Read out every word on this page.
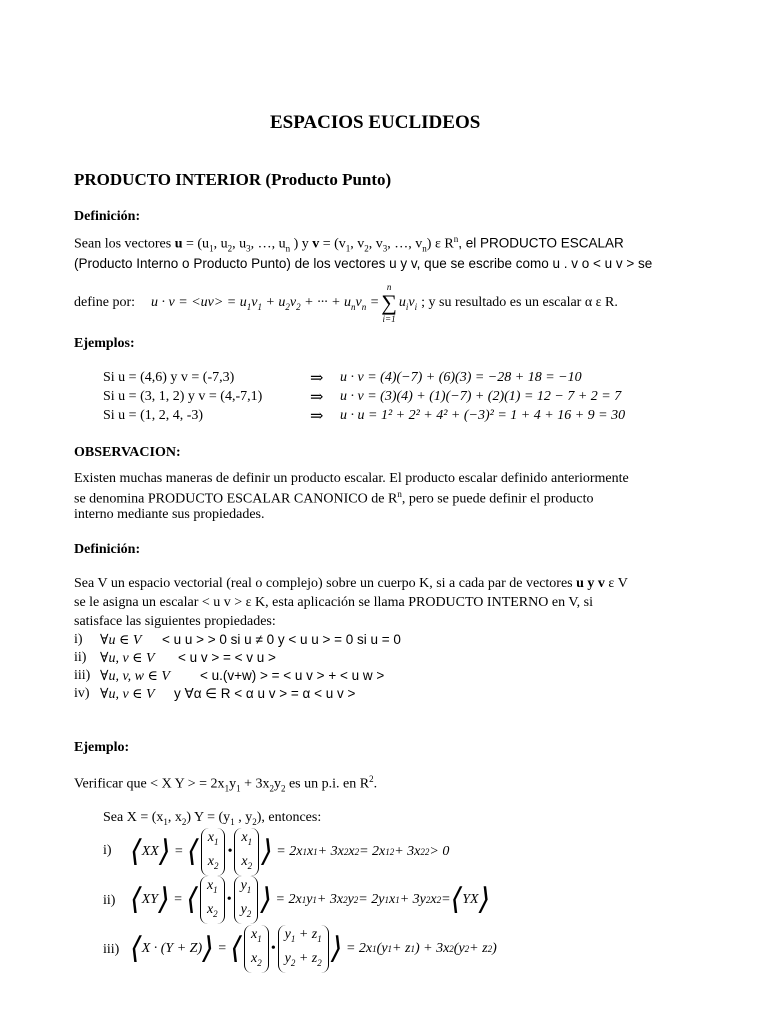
ESPACIOS EUCLIDEOS
PRODUCTO INTERIOR (Producto Punto)
Definición:
Sean los vectores $u = (u_1$, $u_2$, $u_3$, …, $u_n$ ) y $v = (v_1$, $v_2$, $v_3$, …, $v_n$) ε $R^n$, el PRODUCTO ESCALAR
(Producto Interno o Producto Punto) de los vectores u y v, que se escribe como u . v o < u v > se
define por: $u \cdot v = <uv> = u_1v_1 + u_2v_2$ + ··· + $u_nv_n$ =
n
∑
i=1
$u_iv_i$ ; y su resultado es un escalar α ε R.
Ejemplos:
Si u = (4,6) y v = (-7,3)	⇒ u · v = (4)(−7) + (6)(3) = −28 + 18 = −10
Si u = (3, 1, 2) y v = (4,-7,1)	⇒ u · v = (3)(4) + (1)(−7) + (2)(1) = 12 − 7 + 2 = 7
Si u = (1, 2, 4, -3)	⇒ u · u = 1² + 2² + 4² + (−3)² = 1 + 4 + 16 + 9 = 30
OBSERVACION:
Existen muchas maneras de definir un producto escalar. El producto escalar definido anteriormente
se denomina PRODUCTO ESCALAR CANONICO de $R^n$, pero se puede definir el producto
interno mediante sus propiedades.
Definición:
Sea V un espacio vectorial (real o complejo) sobre un cuerpo K, si a cada par de vectores u y v ε V
se le asigna un escalar < u v > ε K, esta aplicación se llama PRODUCTO INTERNO en V, si
satisface las siguientes propiedades:
i) ∀u ∈ V < u u > > 0 si u ≠ 0 y < u u > = 0 si u = 0
ii) ∀u, v ∈ V < u v > = < v u >
iii) ∀u, v, w ∈ V < u.(v+w) > = < u v > + < u w >
iv) ∀u, v ∈ V y ∀α ∈ R < α u v > = α < u v >
Ejemplo:
Verificar que < X Y > = $2x_1y_1 + 3x_2y_2$ es un p.i. en $R^2$.
Sea $X = (x_1$, $x_2$) $Y = (y_1$ , $y_2$), entonces:
i) ⟨ XX ⟩ = ⟨ $x_1$
$x_2$
•
$x_1$
$x_2$ ⟩ = 2x 1 x 1 + 3x 2 x 2 = 2x 1 2 + 3x 2 2 > 0
ii) ⟨ XY ⟩ = ⟨ $x_1$
$x_2$
•
$y_1$
$y_2$ ⟩ = 2x 1 y 1 + 3x 2 y 2 = 2y 1 x 1 + 3y 2 x 2 = ⟨ YX ⟩
iii) ⟨ X · (Y + Z) ⟩ = ⟨ $x_1$
$x_2$
•
$y_1 + z_1$
$y_2 + z_2$ ⟩ = 2x 1 (y 1 + z 1 ) + 3x 2 (y 2 + z 2 )
